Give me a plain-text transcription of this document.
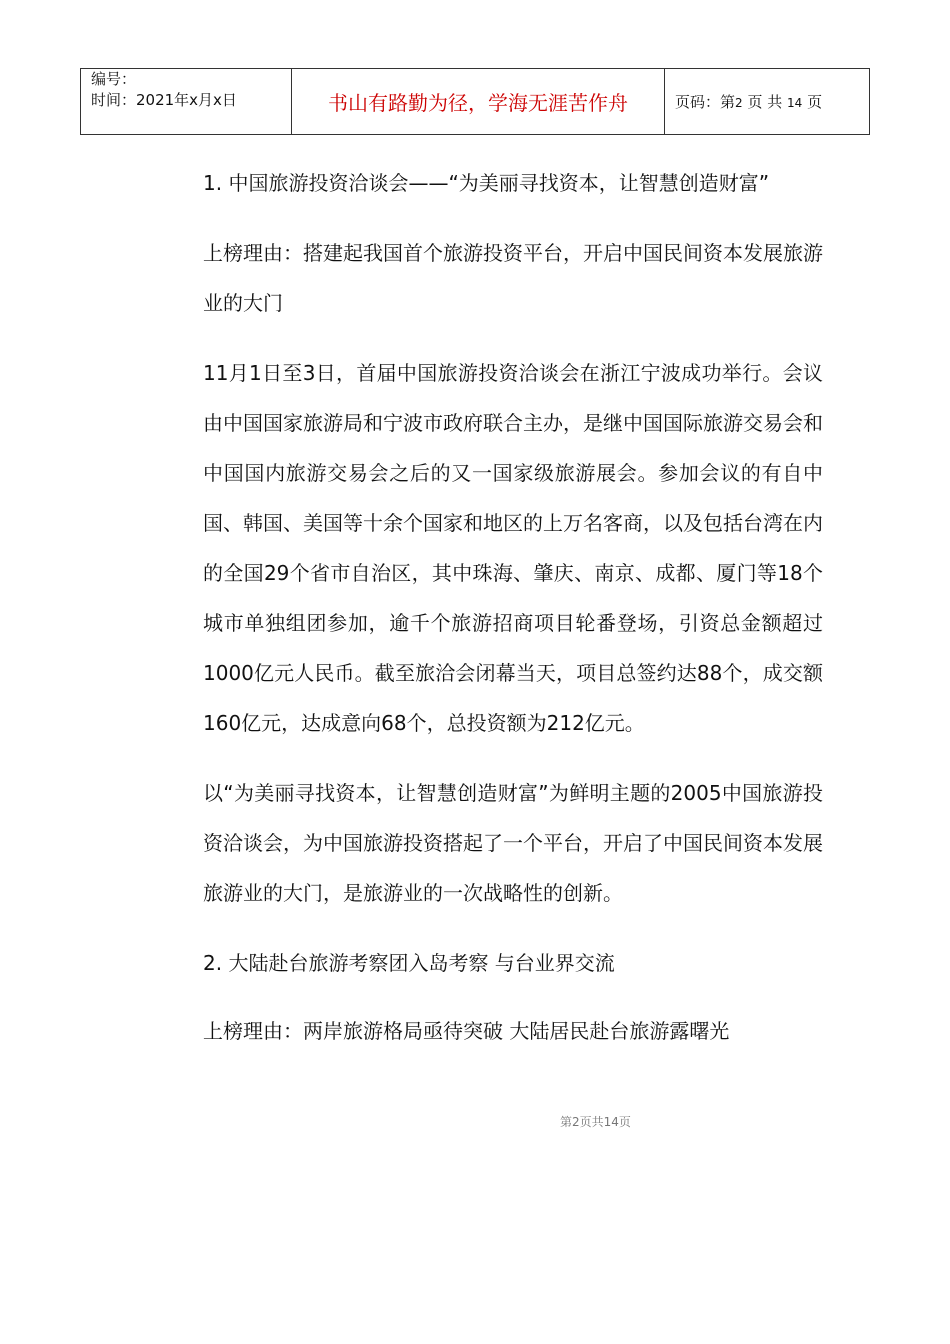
编号：
时间：2021年x月x日	书山有路勤为径，学海无涯苦作舟	页码：第2 页 共 14 页

1. 中国旅游投资洽谈会——“为美丽寻找资本，让智慧创造财富”

上榜理由：搭建起我国首个旅游投资平台，开启中国民间资本发展旅游业的大门

11月1日至3日，首届中国旅游投资洽谈会在浙江宁波成功举行。会议由中国国家旅游局和宁波市政府联合主办，是继中国国际旅游交易会和中国国内旅游交易会之后的又一国家级旅游展会。参加会议的有自中国、韩国、美国等十余个国家和地区的上万名客商，以及包括台湾在内的全国29个省市自治区，其中珠海、肇庆、南京、成都、厦门等18个城市单独组团参加，逾千个旅游招商项目轮番登场，引资总金额超过1000亿元人民币。截至旅洽会闭幕当天，项目总签约达88个，成交额160亿元，达成意向68个，总投资额为212亿元。

以“为美丽寻找资本，让智慧创造财富”为鲜明主题的2005中国旅游投资洽谈会，为中国旅游投资搭起了一个平台，开启了中国民间资本发展旅游业的大门，是旅游业的一次战略性的创新。

2. 大陆赴台旅游考察团入岛考察 与台业界交流

上榜理由：两岸旅游格局亟待突破 大陆居民赴台旅游露曙光

第2页共14页
